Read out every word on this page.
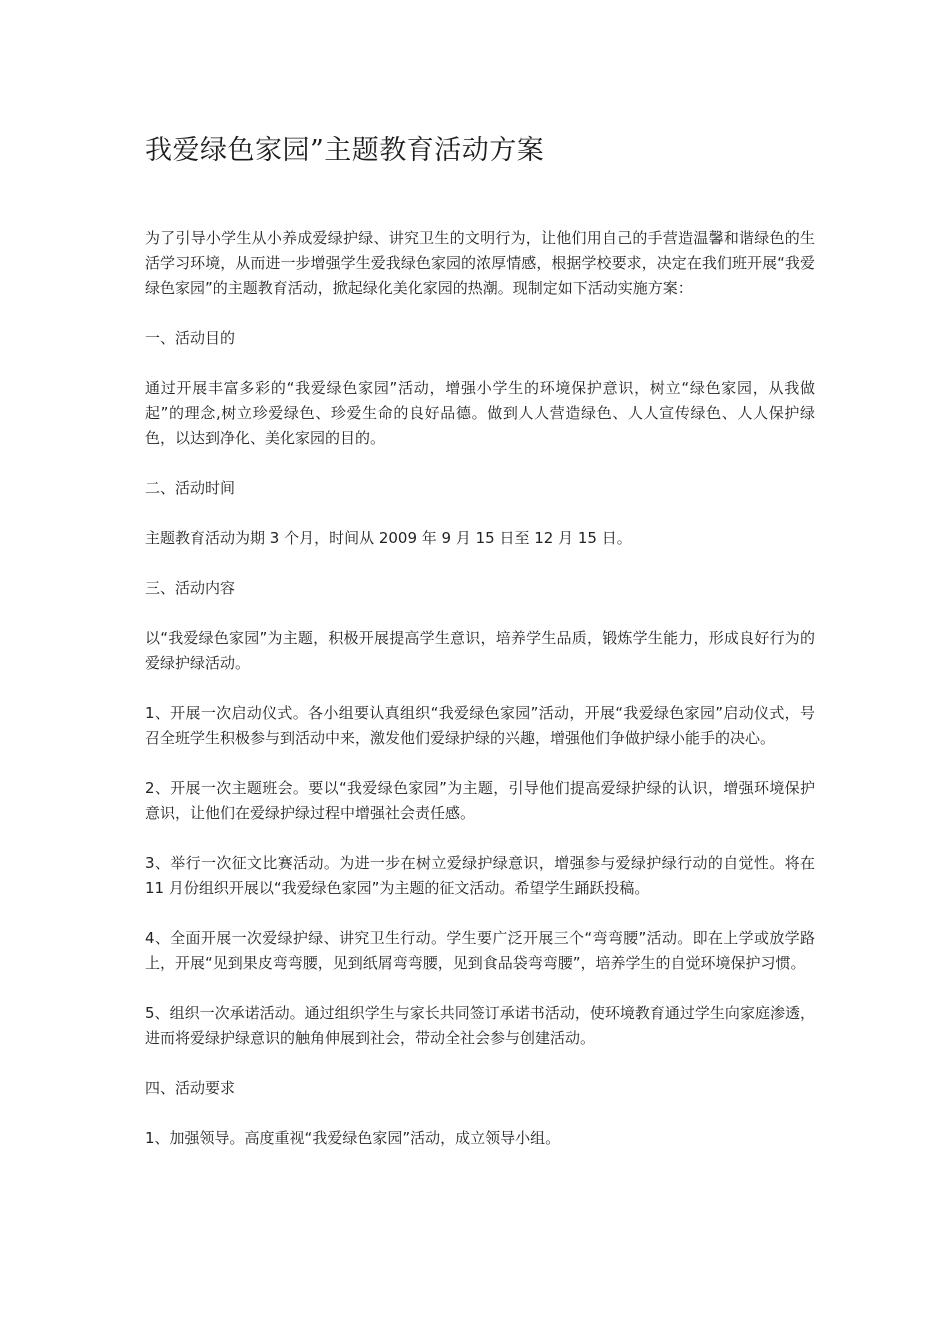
我爱绿色家园”主题教育活动方案

为了引导小学生从小养成爱绿护绿、讲究卫生的文明行为，让他们用自己的手营造温馨和谐绿色的生活学习环境，从而进一步增强学生爱我绿色家园的浓厚情感，根据学校要求，决定在我们班开展“我爱绿色家园”的主题教育活动，掀起绿化美化家园的热潮。现制定如下活动实施方案：

一、活动目的

通过开展丰富多彩的“我爱绿色家园”活动，增强小学生的环境保护意识，树立“绿色家园，从我做起”的理念,树立珍爱绿色、珍爱生命的良好品德。做到人人营造绿色、人人宣传绿色、人人保护绿色，以达到净化、美化家园的目的。

二、活动时间

主题教育活动为期 3 个月，时间从 2009 年 9 月 15 日至 12 月 15 日。

三、活动内容

以“我爱绿色家园”为主题，积极开展提高学生意识，培养学生品质，锻炼学生能力，形成良好行为的爱绿护绿活动。

1、开展一次启动仪式。各小组要认真组织“我爱绿色家园”活动，开展“我爱绿色家园”启动仪式，号召全班学生积极参与到活动中来，激发他们爱绿护绿的兴趣，增强他们争做护绿小能手的决心。

2、开展一次主题班会。要以“我爱绿色家园”为主题，引导他们提高爱绿护绿的认识，增强环境保护意识，让他们在爱绿护绿过程中增强社会责任感。

3、举行一次征文比赛活动。为进一步在树立爱绿护绿意识，增强参与爱绿护绿行动的自觉性。将在 11 月份组织开展以“我爱绿色家园”为主题的征文活动。希望学生踊跃投稿。

4、全面开展一次爱绿护绿、讲究卫生行动。学生要广泛开展三个“弯弯腰”活动。即在上学或放学路上，开展“见到果皮弯弯腰，见到纸屑弯弯腰，见到食品袋弯弯腰”，培养学生的自觉环境保护习惯。

5、组织一次承诺活动。通过组织学生与家长共同签订承诺书活动，使环境教育通过学生向家庭渗透，进而将爱绿护绿意识的触角伸展到社会，带动全社会参与创建活动。

四、活动要求

1、加强领导。高度重视“我爱绿色家园”活动，成立领导小组。
